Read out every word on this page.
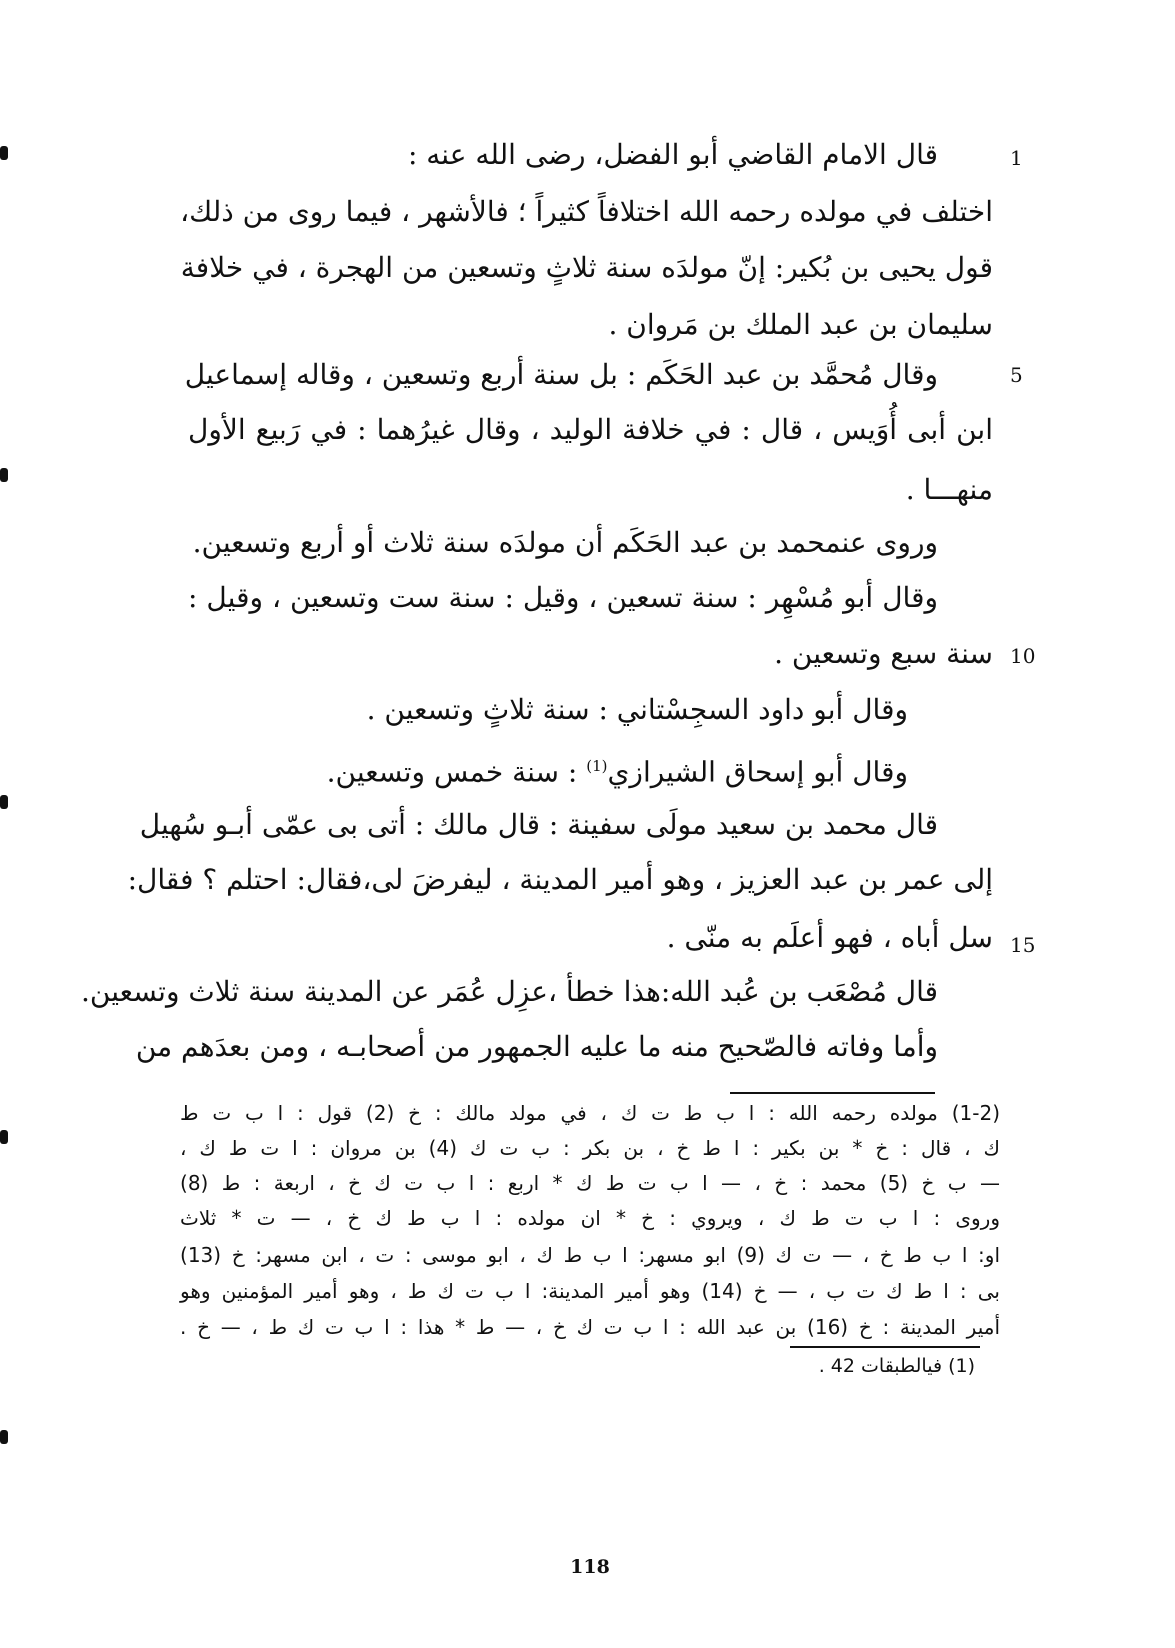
1
5
10
15
قال الامام القاضي أبو الفضل، رضى الله عنه :
اختلف في مولده رحمه الله اختلافاً كثيراً ؛ فالأشهر ، فيما روى من ذلك،
قول يحيى بن بُكير: إنّ مولدَه سنة ثلاثٍ وتسعين من الهجرة ، في خلافة
سليمان بن عبد الملك بن مَروان .
وقال مُحمَّد بن عبد الحَكَم : بل سنة أربع وتسعين ، وقاله إسماعيل
ابن أبى أُوَيس ، قال : في خلافة الوليد ، وقال غيرُهما : في رَبيع الأول
منهـــا .
وروى عنمحمد بن عبد الحَكَم أن مولدَه سنة ثلاث أو أربع وتسعين.
وقال أبو مُسْهِر : سنة تسعين ، وقيل : سنة ست وتسعين ، وقيل :
سنة سبع وتسعين .
وقال أبو داود السجِسْتاني : سنة ثلاثٍ وتسعين .
وقال أبو إسحاق الشيرازي$^{(1)}$ : سنة خمس وتسعين.
قال محمد بن سعيد مولَى سفينة : قال مالك : أتى بى عمّى أبـو سُهيل
إلى عمر بن عبد العزيز ، وهو أمير المدينة ، ليفرضَ لى،فقال: احتلم ؟ فقال:
سل أباه ، فهو أعلَم به منّى .
قال مُصْعَب بن عُبد الله:هذا خطأ ،عزِل عُمَر عن المدينة سنة ثلاث وتسعين.
وأما وفاته فالصّحيح منه ما عليه الجمهور من أصحابـه ، ومن بعدَهم من
(1-2) مولده رحمه الله : ا ب ط ت ك ، في مولد مالك : خ (2) قول : ا ب ت ط
ك ، قال : خ * بن بكير : ا ط خ ، بن بكر : ب ت ك (4) بن مروان : ا ت ط ك ،
— ب خ (5) محمد : خ ، — ا ب ت ط ك * اربع : ا ب ت ك خ ، اربعة : ط (8)
وروى : ا ب ت ط ك ، ويروي : خ * ان مولده : ا ب ط ك خ ، — ت * ثلاث
او: ا ب ط خ ، — ت ك (9) ابو مسهر: ا ب ط ك ، ابو موسى : ت ، ابن مسهر: خ (13)
بى : ا ط ك ت ب ، — خ (14) وهو أمير المدينة: ا ب ت ك ط ، وهو أمير المؤمنين وهو
أمير المدينة : خ (16) بن عبد الله : ا ب ت ك خ ، — ط * هذا : ا ب ت ك ط ، — خ .
(1) فيالطبقات 42 .
118
